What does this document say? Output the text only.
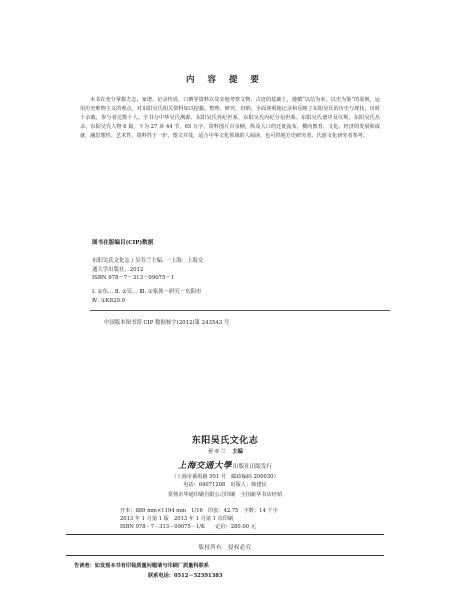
内 容 提 要
本书在充分掌握方志、家谱、记录传说、口碑等资料以及实地考察文物、古迹的基础上，遵循“以信为本、以史为鉴”的原则，运用历史唯物主义的观点，对东阳吴氏相关资料加以挖掘、整理、研究、归纳，全面客观地记录和反映了东阳吴氏的历史与现状。历时十余载，参与者达数十人。全书分中华吴氏溯源、东阳吴氏外纪世系、东阳吴氏内纪分衍世系、东阳吴氏谱序及仪规、东阳吴氏丛录、东阳吴氏人物 6 篇，下为 27 章 44 节，65 万字，资料图片百余帧，纵及人口的迁徙流布，横向教育、文化、经济的发展和成就，融思想性、艺术性、资料性于一炉，图文并茂，适合中华文化领域的人阅读，也可供地方史研究者、氏族文化研究者参考。
图书在版编目(CIP)数据
东阳吴氏文化志 / 吴寿兰主编. 一上海：上海交
通大学出版社，2012
ISBN 978－7－313－09075－1
Ⅰ. ①东… Ⅱ. ①吴… Ⅲ. ①家族－研究－东阳市
Ⅳ. ①K820.9
中国版本图书馆 CIP 数据核字(2012)第 243543 号
东阳吴氏文化志
吴寿兰 主编
上海交通大學出版社出版发行
（上海市番禺路 951 号　邮政编码 200030）
电话：64071208　出版人：韩建民
常熟市华通印刷有限公司印刷　全国新华书店经销
开本：889 mm×1194 mm　1/16　印张：42.75　字数：14 千字
2013 年 1 月第 1 版　2013 年 1 月第 1 次印刷
ISBN 978－7－313－09075－1/K　　定价：280.00 元
版权所有　侵权必究
告读者：如发现本书有印装质量问题请与印刷厂质量科联系
联系电话：0512－52391383
